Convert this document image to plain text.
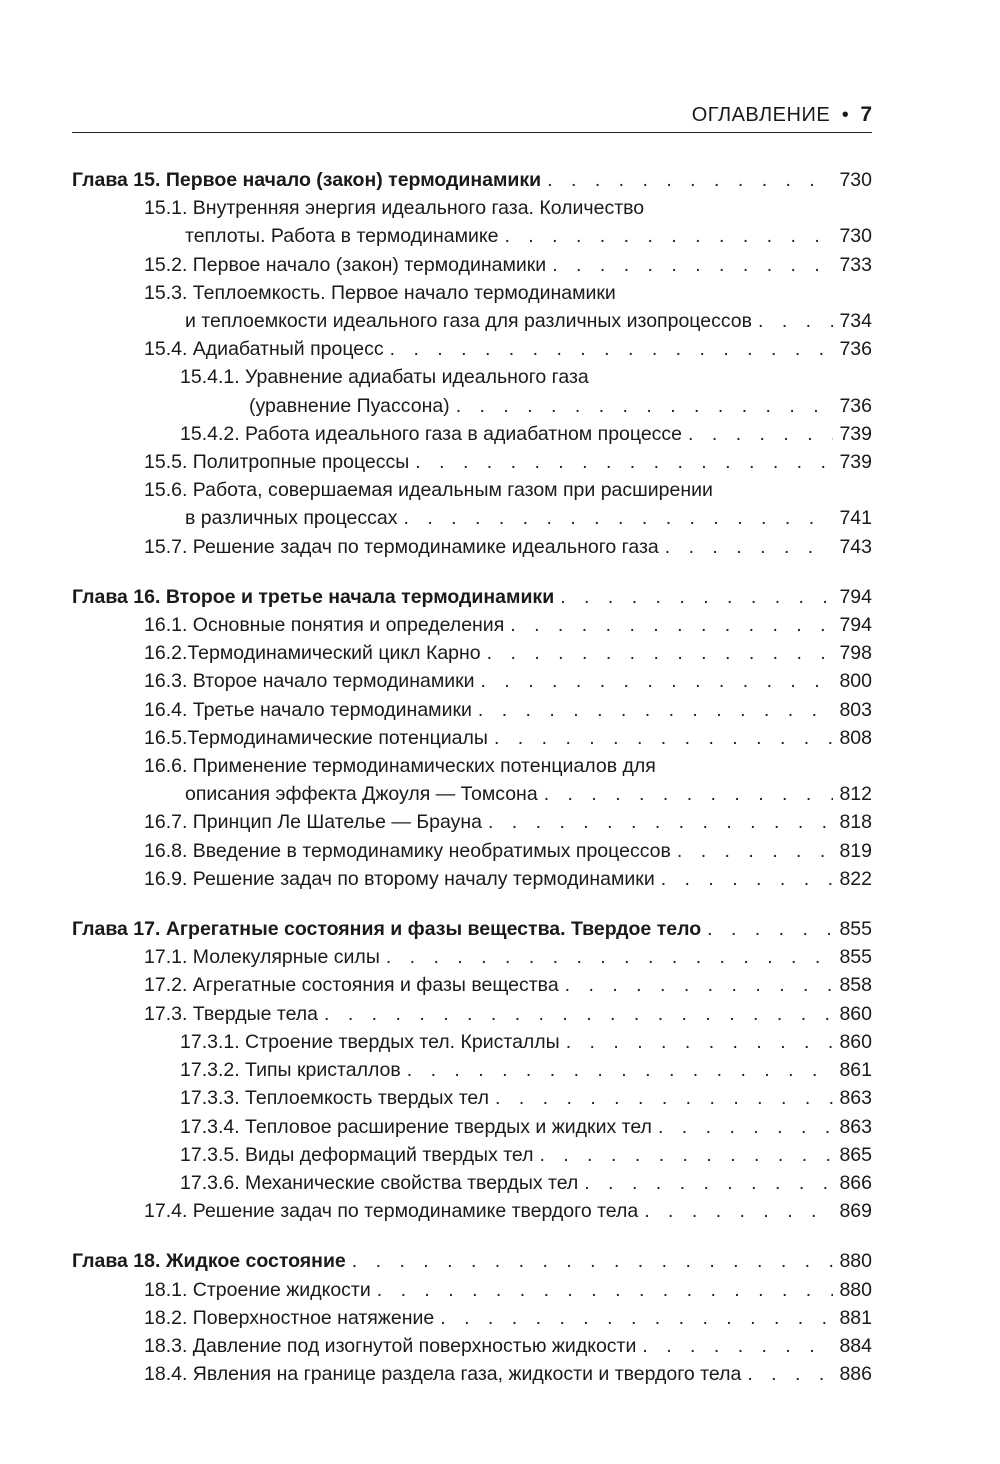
ОГЛАВЛЕНИЕ • 7
Глава 15. Первое начало (закон) термодинамики . . .	730
15.1. Внутренняя энергия идеального газа. Количество
теплоты. Работа в термодинамике . . .	730
15.2. Первое начало (закон) термодинамики . . .	733
15.3. Теплоемкость. Первое начало термодинамики
и теплоемкости идеального газа для различных изопроцессов . . .	734
15.4. Адиабатный процесс . . .	736
15.4.1. Уравнение адиабаты идеального газа
(уравнение Пуассона) . . .	736
15.4.2. Работа идеального газа в адиабатном процессе . . .	739
15.5. Политропные процессы . . .	739
15.6. Работа, совершаемая идеальным газом при расширении
в различных процессах . . .	741
15.7. Решение задач по термодинамике идеального газа . . .	743
Глава 16. Второе и третье начала термодинамики . . .	794
16.1. Основные понятия и определения . . .	794
16.2.Термодинамический цикл Карно . . .	798
16.3. Второе начало термодинамики . . .	800
16.4. Третье начало термодинамики . . .	803
16.5.Термодинамические потенциалы . . .	808
16.6. Применение термодинамических потенциалов для
описания эффекта Джоуля — Томсона . . .	812
16.7. Принцип Ле Шателье — Брауна . . .	818
16.8. Введение в термодинамику необратимых процессов . . .	819
16.9. Решение задач по второму началу термодинамики . . .	822
Глава 17. Агрегатные состояния и фазы вещества. Твердое тело . . .	855
17.1. Молекулярные силы . . .	855
17.2. Агрегатные состояния и фазы вещества . . .	858
17.3. Твердые тела . . .	860
17.3.1. Строение твердых тел. Кристаллы . . .	860
17.3.2. Типы кристаллов . . .	861
17.3.3. Теплоемкость твердых тел . . .	863
17.3.4. Тепловое расширение твердых и жидких тел . . .	863
17.3.5. Виды деформаций твердых тел . . .	865
17.3.6. Механические свойства твердых тел . . .	866
17.4. Решение задач по термодинамике твердого тела . . .	869
Глава 18. Жидкое состояние . . .	880
18.1. Строение жидкости . . .	880
18.2. Поверхностное натяжение . . .	881
18.3. Давление под изогнутой поверхностью жидкости . . .	884
18.4. Явления на границе раздела газа, жидкости и твердого тела . . .	886
